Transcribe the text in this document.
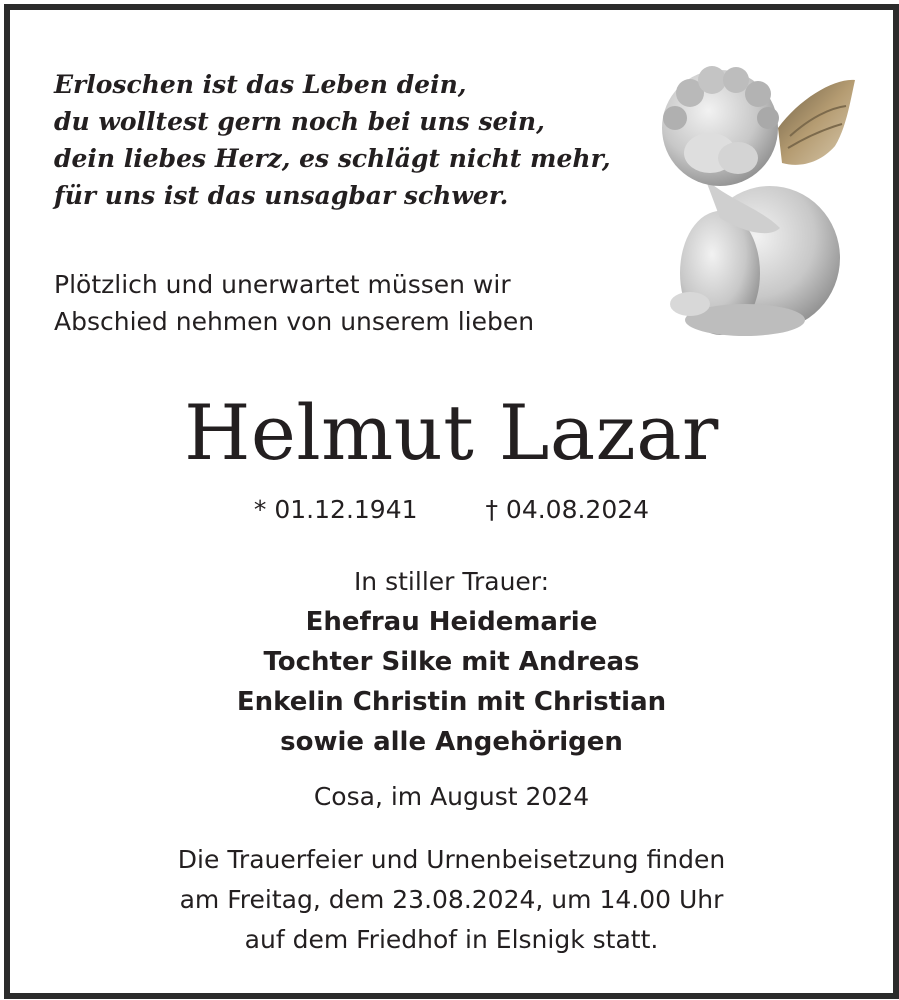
Erloschen ist das Leben dein,
du wolltest gern noch bei uns sein,
dein liebes Herz, es schlägt nicht mehr,
für uns ist das unsagbar schwer.
Plötzlich und unerwartet müssen wir
Abschied nehmen von unserem lieben
Helmut Lazar
* 01.12.1941	† 04.08.2024
In stiller Trauer:
Ehefrau Heidemarie
Tochter Silke mit Andreas
Enkelin Christin mit Christian
sowie alle Angehörigen
Cosa, im August 2024
Die Trauerfeier und Urnenbeisetzung finden
am Freitag, dem 23.08.2024, um 14.00 Uhr
auf dem Friedhof in Elsnigk statt.
